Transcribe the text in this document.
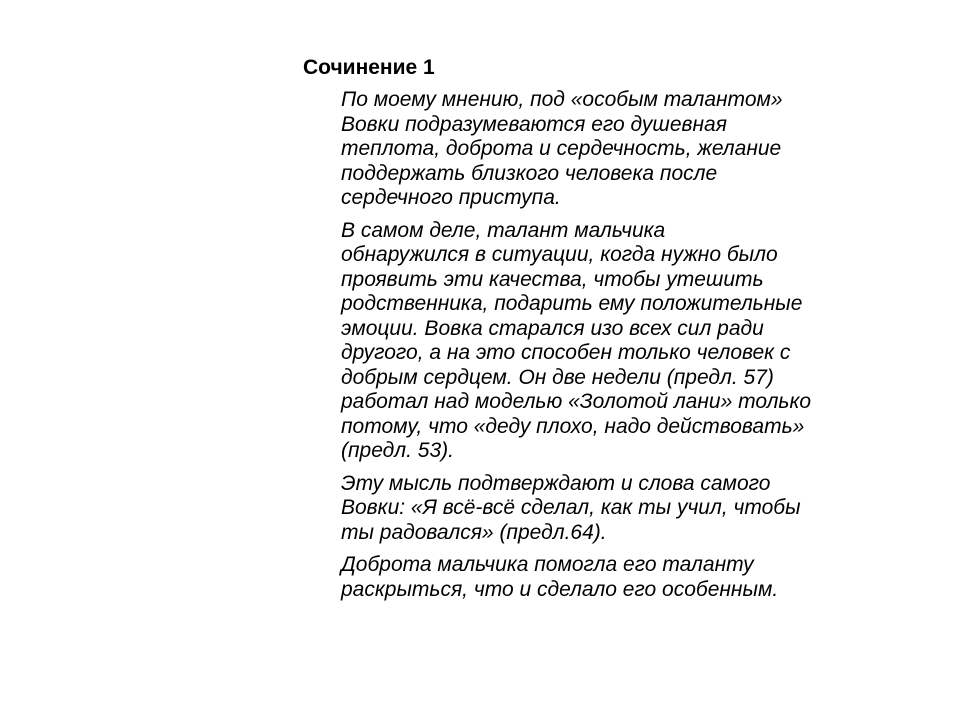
Сочинение 1

По моему мнению, под «особым талантом»
Вовки подразумеваются его душевная
теплота, доброта и сердечность, желание
поддержать близкого человека после
сердечного приступа.

В самом деле, талант мальчика
обнаружился в ситуации, когда нужно было
проявить эти качества, чтобы утешить
родственника, подарить ему положительные
эмоции. Вовка старался изо всех сил ради
другого, а на это способен только человек с
добрым сердцем. Он две недели (предл. 57)
работал над моделью «Золотой лани» только
потому, что «деду плохо, надо действовать»
(предл. 53).

Эту мысль подтверждают и слова самого
Вовки: «Я всё-всё сделал, как ты учил, чтобы
ты радовался» (предл.64).

Доброта мальчика помогла его таланту
раскрыться, что и сделало его особенным.
